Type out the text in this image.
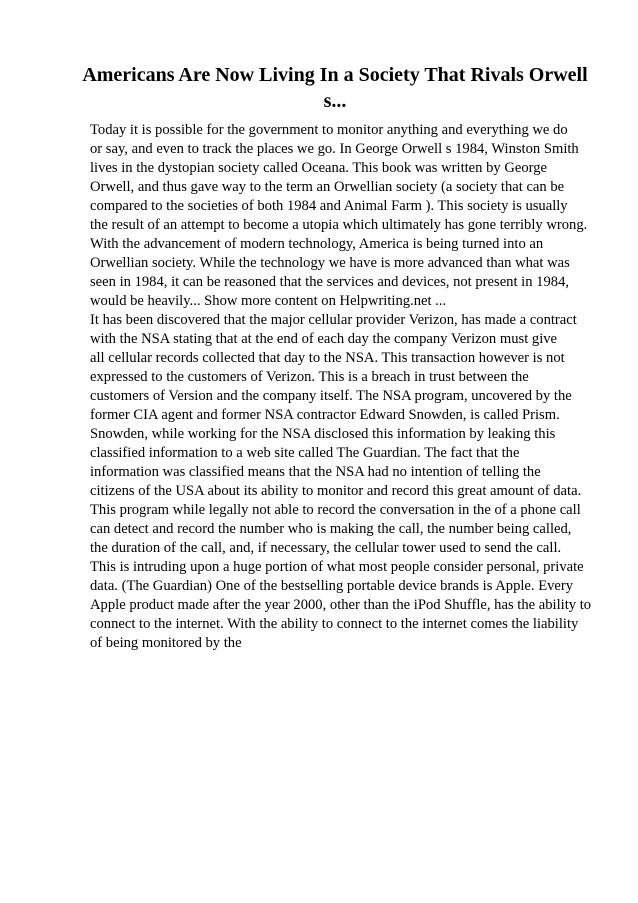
Americans Are Now Living In a Society That Rivals Orwell
s...
Today it is possible for the government to monitor anything and everything we do
or say, and even to track the places we go. In George Orwell s 1984, Winston Smith
lives in the dystopian society called Oceana. This book was written by George
Orwell, and thus gave way to the term an Orwellian society (a society that can be
compared to the societies of both 1984 and Animal Farm ). This society is usually
the result of an attempt to become a utopia which ultimately has gone terribly wrong.
With the advancement of modern technology, America is being turned into an
Orwellian society. While the technology we have is more advanced than what was
seen in 1984, it can be reasoned that the services and devices, not present in 1984,
would be heavily... Show more content on Helpwriting.net ...
It has been discovered that the major cellular provider Verizon, has made a contract
with the NSA stating that at the end of each day the company Verizon must give
all cellular records collected that day to the NSA. This transaction however is not
expressed to the customers of Verizon. This is a breach in trust between the
customers of Version and the company itself. The NSA program, uncovered by the
former CIA agent and former NSA contractor Edward Snowden, is called Prism.
Snowden, while working for the NSA disclosed this information by leaking this
classified information to a web site called The Guardian. The fact that the
information was classified means that the NSA had no intention of telling the
citizens of the USA about its ability to monitor and record this great amount of data.
This program while legally not able to record the conversation in the of a phone call
can detect and record the number who is making the call, the number being called,
the duration of the call, and, if necessary, the cellular tower used to send the call.
This is intruding upon a huge portion of what most people consider personal, private
data. (The Guardian) One of the bestselling portable device brands is Apple. Every
Apple product made after the year 2000, other than the iPod Shuffle, has the ability to
connect to the internet. With the ability to connect to the internet comes the liability
of being monitored by the
